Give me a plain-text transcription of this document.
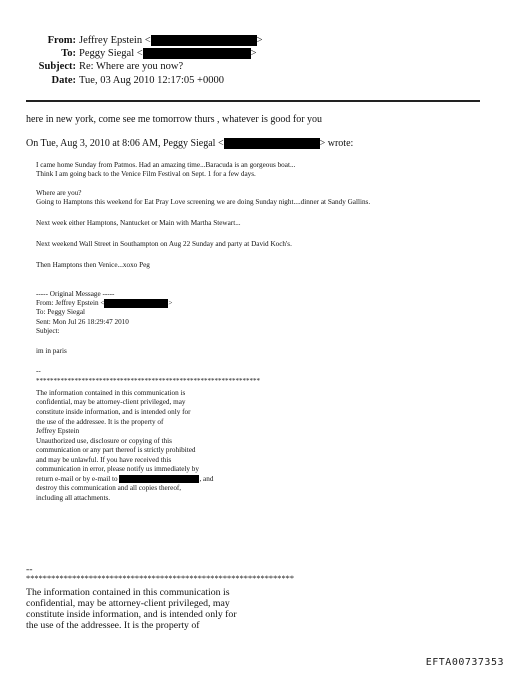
From: Jeffrey Epstein <	>
To: Peggy Siegal <	>
Subject: Re: Where are you now?
Date: Tue, 03 Aug 2010 12:17:05 +0000
here in new york, come see me tomorrow thurs , whatever is good for you
On Tue, Aug 3, 2010 at 8:06 AM, Peggy Siegal <	> wrote:
I came home Sunday from Patmos. Had an amazing time...Baracuda is an gorgeous boat...
Think I am going back to the Venice Film Festival on Sept. 1 for a few days.
Where are you?
Going to Hamptons this weekend for Eat Pray Love screening we are doing Sunday night....dinner at Sandy Gallins.
Next week either Hamptons, Nantucket or Main with Martha Stewart...
Next weekend Wall Street in Southampton on Aug 22 Sunday and party at David Koch's.
Then Hamptons then Venice...xoxo Peg
----- Original Message -----
From: Jeffrey Epstein <	>
To: Peggy Siegal
Sent: Mon Jul 26 18:29:47 2010
Subject:
im in paris
--
****************************************************************
The information contained in this communication is
confidential, may be attorney-client privileged, may
constitute inside information, and is intended only for
the use of the addressee. It is the property of
Jeffrey Epstein
Unauthorized use, disclosure or copying of this
communication or any part thereof is strictly prohibited
and may be unlawful. If you have received this
communication in error, please notify us immediately by
return e-mail or by e-mail to	, and
destroy this communication and all copies thereof,
including all attachments.
--
****************************************************************
The information contained in this communication is
confidential, may be attorney-client privileged, may
constitute inside information, and is intended only for
the use of the addressee. It is the property of
EFTA00737353
